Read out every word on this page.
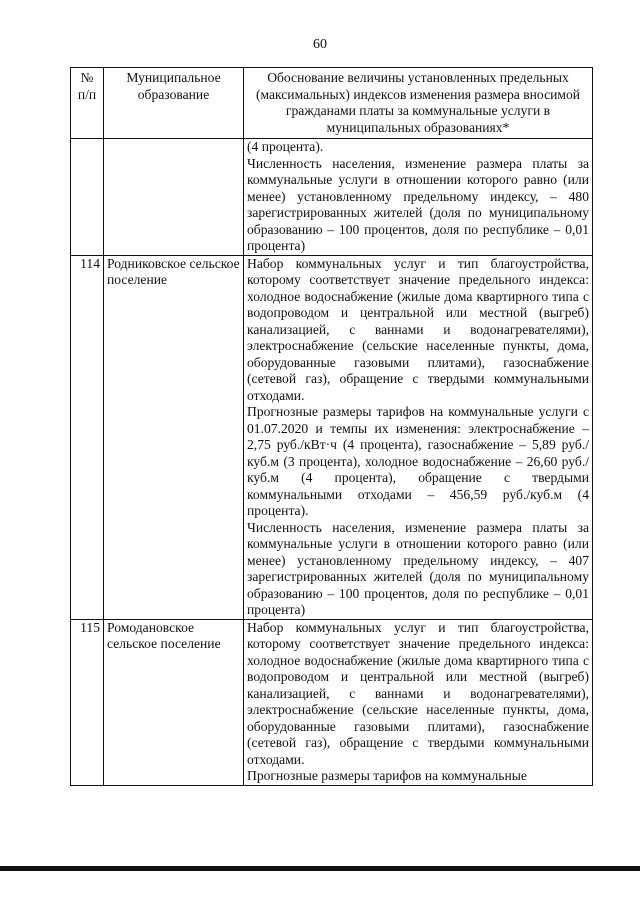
60
№ п/п	Муниципальное образование	Обоснование величины установленных предельных (максимальных) индексов изменения размера вносимой гражданами платы за коммунальные услуги в муниципальных образованиях*

		(4 процента).

Численность населения, изменение размера платы за коммунальные услуги в отношении которого равно (или менее) установленному предельному индексу, – 480 зарегистрированных жителей (доля по муниципальному образованию – 100 процентов, доля по республике – 0,01 процента)

114	Родниковское сельское поселение	Набор коммунальных услуг и тип благоустройства, которому соответствует значение предельного индекса: холодное водоснабжение (жилые дома квартирного типа с водопроводом и центральной или местной (выгреб) канализацией, с ваннами и водонагревателями), электроснабжение (сельские населенные пункты, дома, оборудованные газовыми плитами), газоснабжение (сетевой газ), обращение с твердыми коммунальными отходами.

Прогнозные размеры тарифов на коммунальные услуги с 01.07.2020 и темпы их изменения: электроснабжение – 2,75 руб./кВт·ч (4 процента), газоснабжение – 5,89 руб./куб.м (3 процента), холодное водоснабжение – 26,60 руб./куб.м (4 процента), обращение с твердыми коммунальными отходами – 456,59 руб./куб.м (4 процента).

Численность населения, изменение размера платы за коммунальные услуги в отношении которого равно (или менее) установленному предельному индексу, – 407 зарегистрированных жителей (доля по муниципальному образованию – 100 процентов, доля по республике – 0,01 процента)

115	Ромодановское сельское поселение	Набор коммунальных услуг и тип благоустройства, которому соответствует значение предельного индекса: холодное водоснабжение (жилые дома квартирного типа с водопроводом и центральной или местной (выгреб) канализацией, с ваннами и водонагревателями), электроснабжение (сельские населенные пункты, дома, оборудованные газовыми плитами), газоснабжение (сетевой газ), обращение с твердыми коммунальными отходами.

Прогнозные размеры тарифов на коммунальные
